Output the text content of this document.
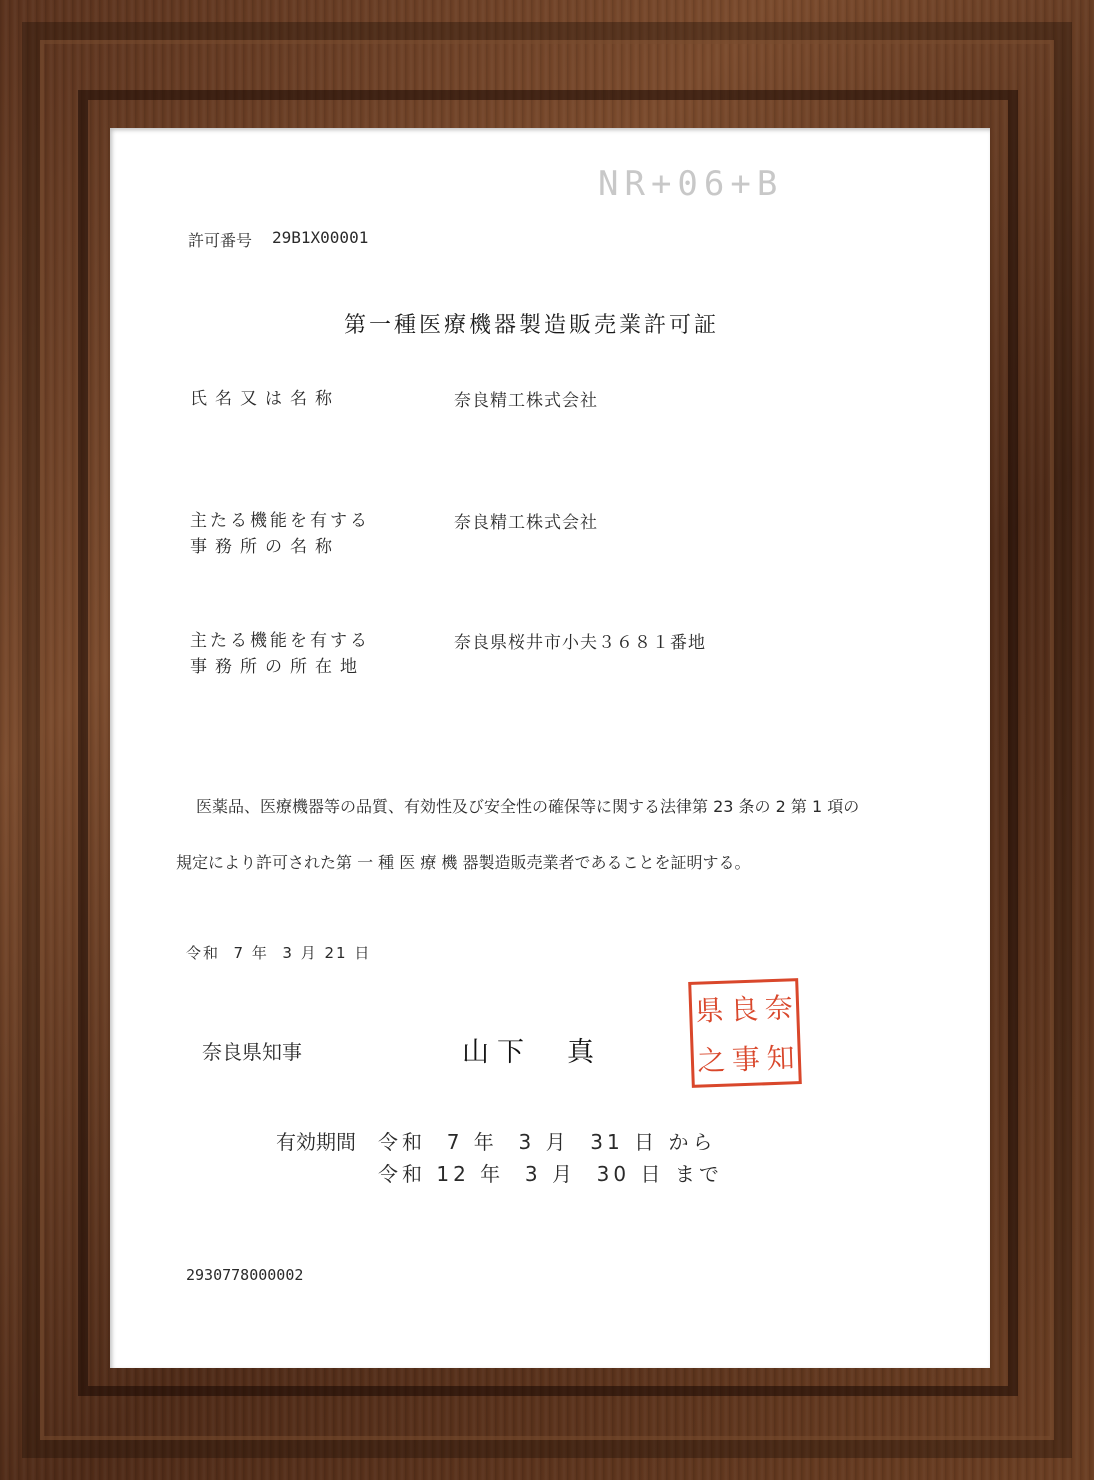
NR+06+B
許可番号 29B1X00001
第一種医療機器製造販売業許可証
氏名又は名称	奈良精工株式会社
主たる機能を有する
事務所の名称
奈良精工株式会社
主たる機能を有する
事務所の所在地
奈良県桜井市小夫３６８１番地
医薬品、医療機器等の品質、有効性及び安全性の確保等に関する法律第 23 条の 2 第 1 項の
規定により許可された第 一 種 医 療 機 器製造販売業者であることを証明する。
令和  7 年  3 月 21 日
奈良県知事	山下　真
県 良 奈
之 事 知
有効期間 令和  7 年  3 月  31 日 から
令和 12 年  3 月  30 日 まで
2930778000002
